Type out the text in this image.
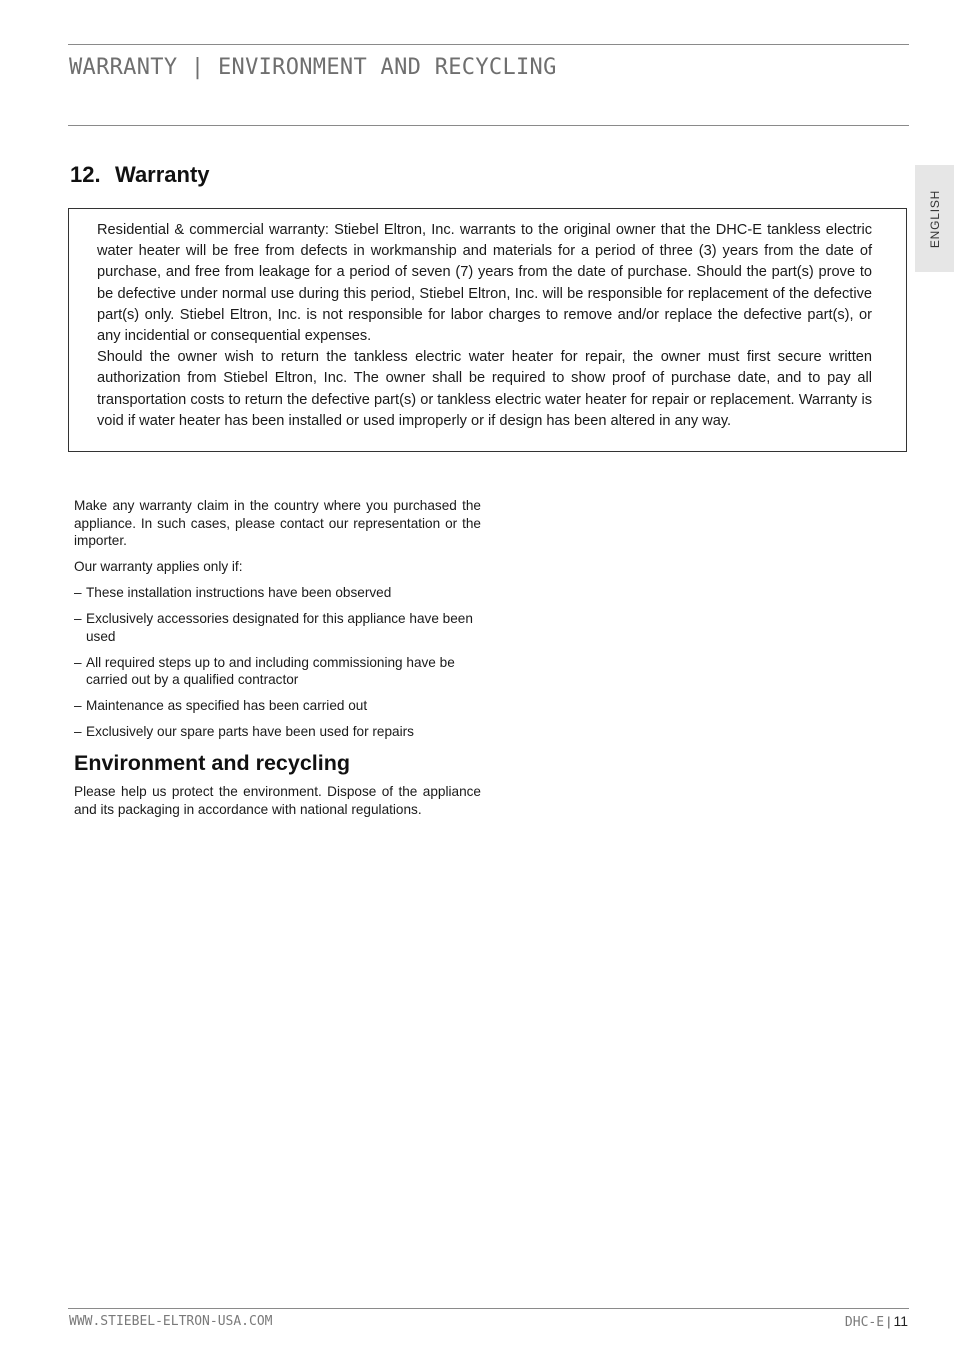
WARRANTY | ENVIRONMENT AND RECYCLING
ENGLISH
12. Warranty

Residential & commercial warranty: Stiebel Eltron, Inc. warrants to the original owner that the DHC-E tankless electric water heater will be free from defects in workmanship and materials for a period of three (3) years from the date of purchase, and free from leakage for a period of seven (7) years from the date of purchase. Should the part(s) prove to be defective under normal use during this period, Stiebel Eltron, Inc. will be responsible for replacement of the defective part(s) only. Stiebel Eltron, Inc. is not responsible for labor charges to remove and/or replace the defective part(s), or any incidential or consequential expenses.

Should the owner wish to return the tankless electric water heater for repair, the owner must first secure written authorization from Stiebel Eltron, Inc. The owner shall be required to show proof of purchase date, and to pay all transportation costs to return the defective part(s) or tankless electric water heater for repair or replacement. Warranty is void if water heater has been installed or used improperly or if design has been altered in any way.

Make any warranty claim in the country where you purchased the appliance. In such cases, please contact our representation or the importer.

Our warranty applies only if:

– These installation instructions have been observed
– Exclusively accessories designated for this appliance have been used
– All required steps up to and including commissioning have be carried out by a qualified contractor
– Maintenance as specified has been carried out
– Exclusively our spare parts have been used for repairs
Environment and recycling

Please help us protect the environment. Dispose of the appliance and its packaging in accordance with national regulations.

WWW.STIEBEL-ELTRON-USA.COM	DHC-E | 11
